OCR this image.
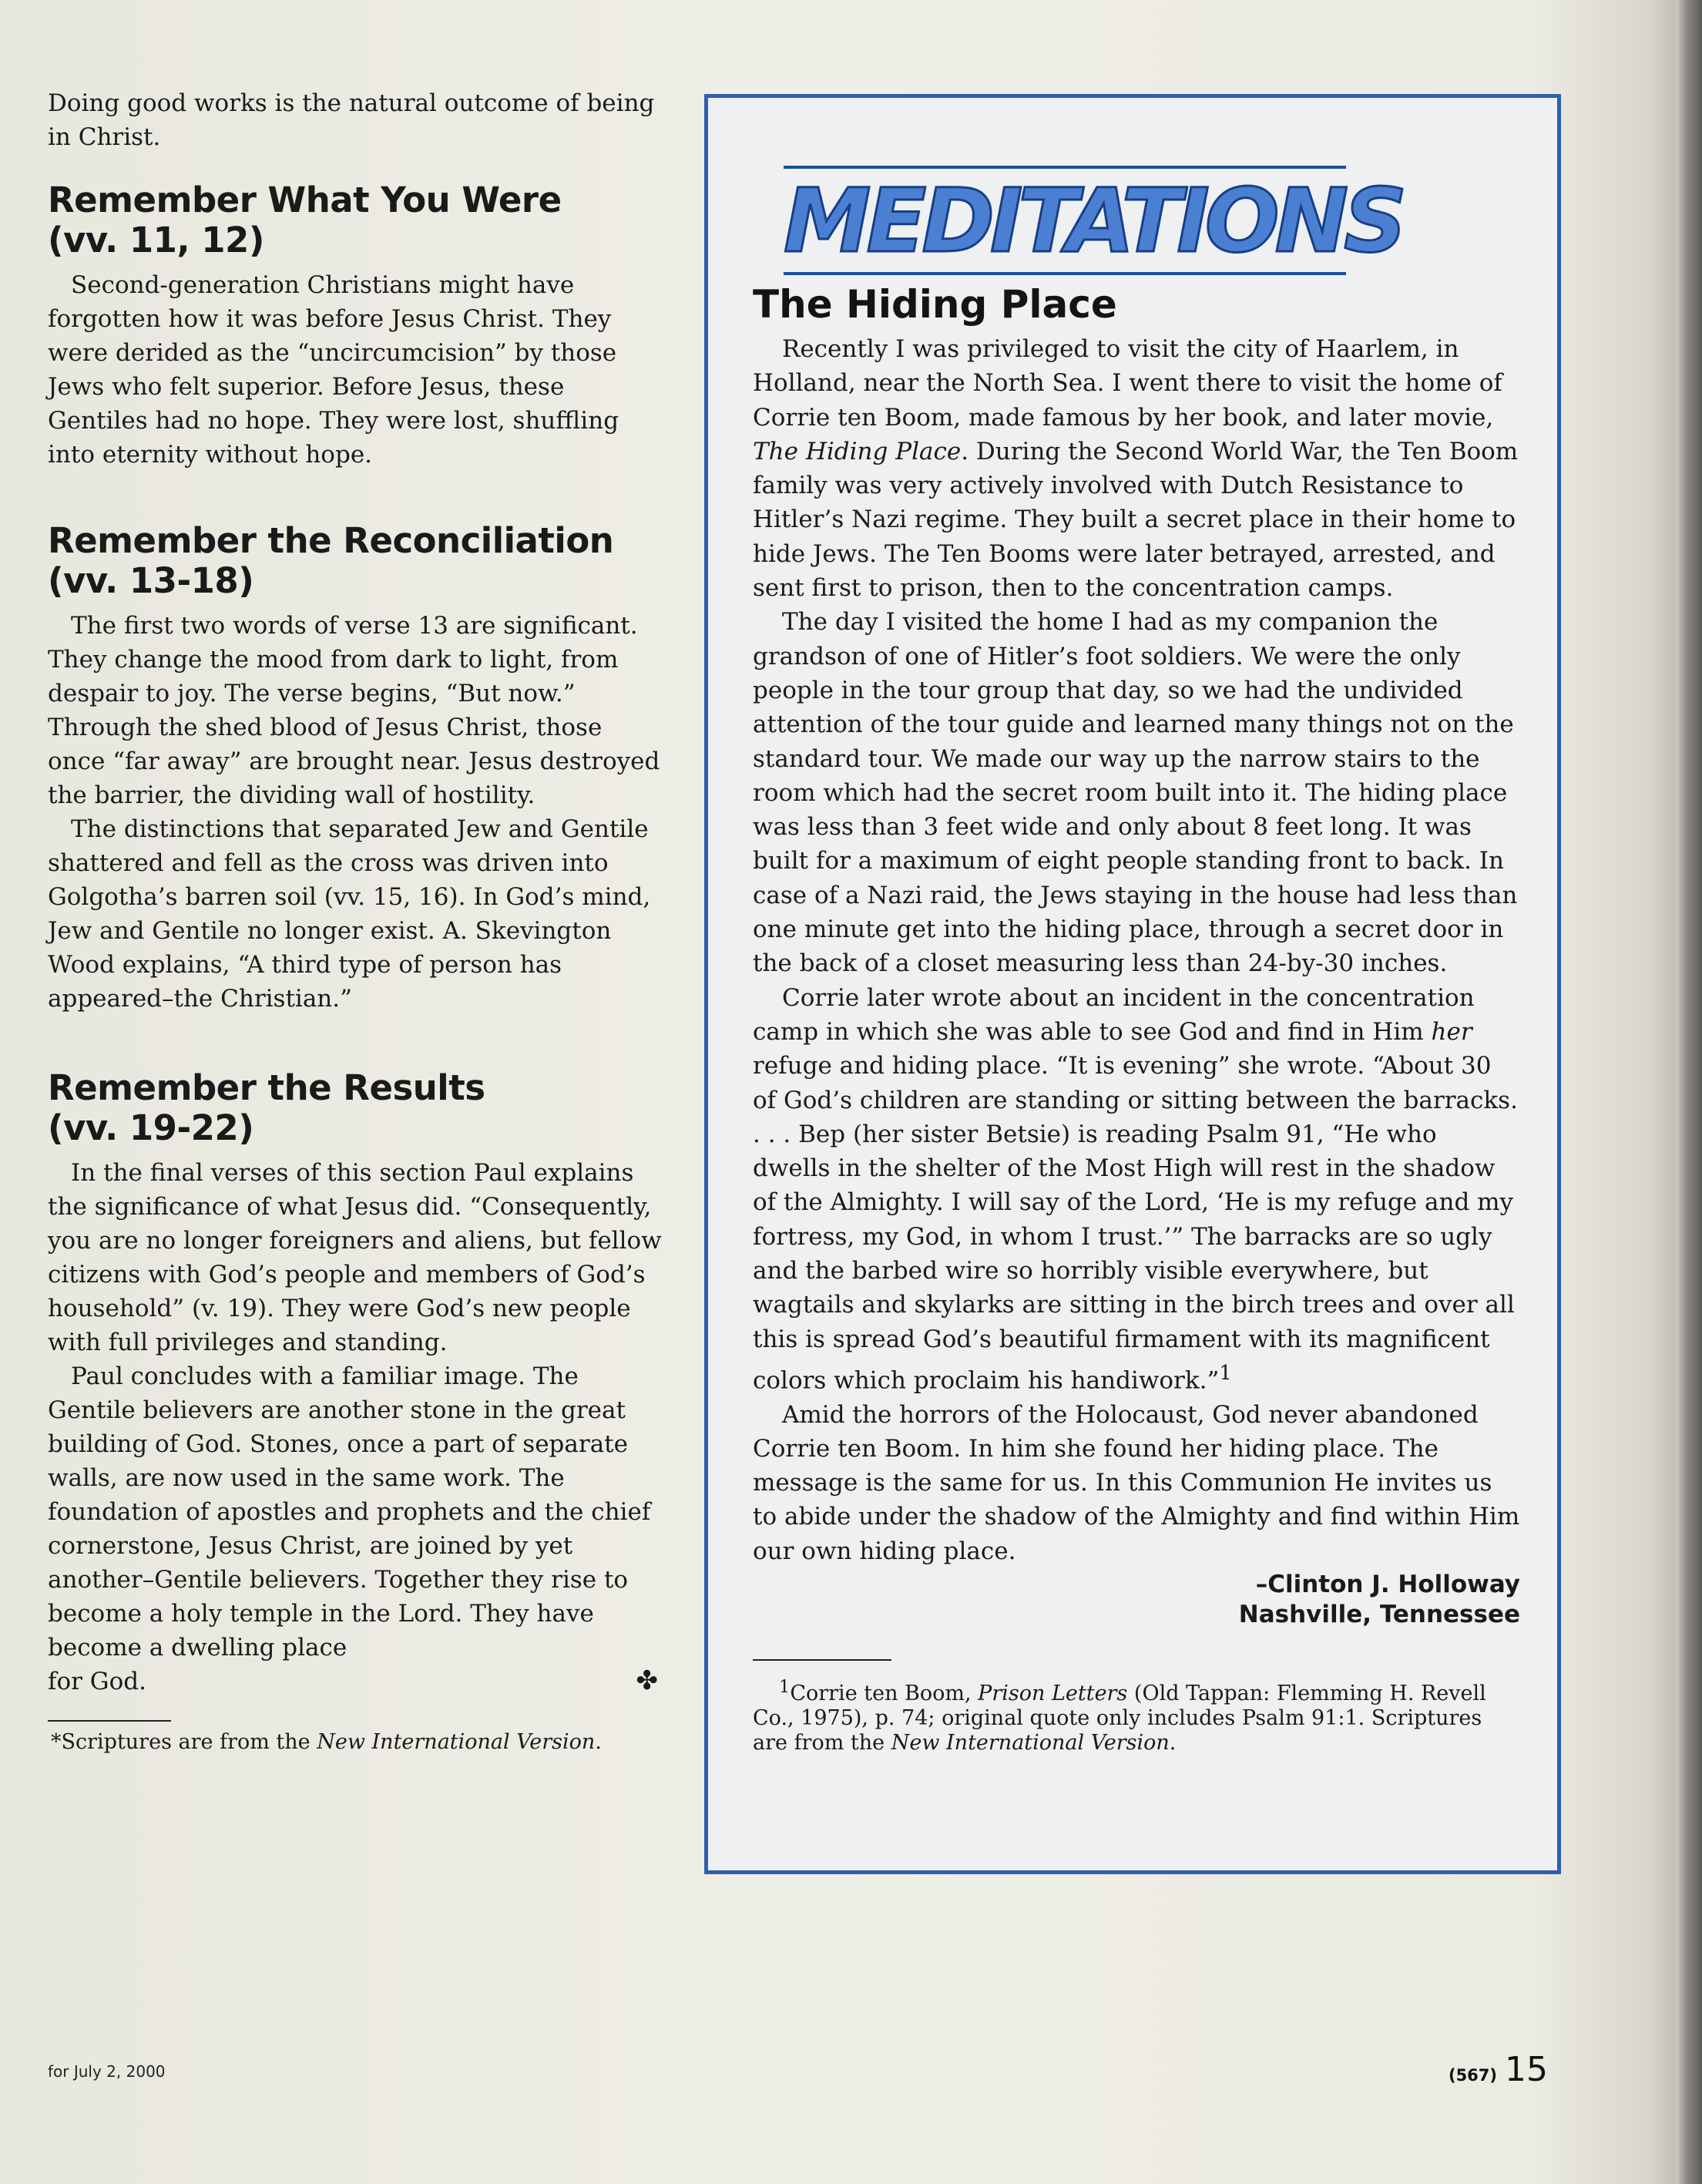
Doing good works is the natural outcome of being in Christ.

Remember What You Were
(vv. 11, 12)

Second-generation Christians might have forgotten how it was before Jesus Christ. They were derided as the “uncircumcision” by those Jews who felt superior. Before Jesus, these Gentiles had no hope. They were lost, shuffling into eternity without hope.

Remember the Reconciliation
(vv. 13-18)

The first two words of verse 13 are significant. They change the mood from dark to light, from despair to joy. The verse begins, “But now.” Through the shed blood of Jesus Christ, those once “far away” are brought near. Jesus destroyed the barrier, the dividing wall of hostility.

The distinctions that separated Jew and Gentile shattered and fell as the cross was driven into Golgotha’s barren soil (vv. 15, 16). In God’s mind, Jew and Gentile no longer exist. A. Skevington Wood explains, “A third type of person has appeared–the Christian.”

Remember the Results
(vv. 19-22)

In the final verses of this section Paul explains the significance of what Jesus did. “Consequently, you are no longer foreigners and aliens, but fellow citizens with God’s people and members of God’s household” (v. 19). They were God’s new people with full privileges and standing.

Paul concludes with a familiar image. The Gentile believers are another stone in the great building of God. Stones, once a part of separate walls, are now used in the same work. The foundation of apostles and prophets and the chief cornerstone, Jesus Christ, are joined by yet another–Gentile believers. Together they rise to become a holy temple in the Lord. They have become a dwelling place

for God.	✤

*Scriptures are from the New International Version.

MEDITATIONS
The Hiding Place

Recently I was privileged to visit the city of Haarlem, in Holland, near the North Sea. I went there to visit the home of Corrie ten Boom, made famous by her book, and later movie, The Hiding Place. During the Second World War, the Ten Boom family was very actively involved with Dutch Resistance to Hitler’s Nazi regime. They built a secret place in their home to hide Jews. The Ten Booms were later betrayed, arrested, and sent first to prison, then to the concentration camps.

The day I visited the home I had as my companion the grandson of one of Hitler’s foot soldiers. We were the only people in the tour group that day, so we had the undivided attention of the tour guide and learned many things not on the standard tour. We made our way up the narrow stairs to the room which had the secret room built into it. The hiding place was less than 3 feet wide and only about 8 feet long. It was built for a maximum of eight people standing front to back. In case of a Nazi raid, the Jews staying in the house had less than one minute get into the hiding place, through a secret door in the back of a closet measuring less than 24-by-30 inches.

Corrie later wrote about an incident in the concentration camp in which she was able to see God and find in Him her refuge and hiding place. “It is evening” she wrote. “About 30 of God’s children are standing or sitting between the barracks. . . . Bep (her sister Betsie) is reading Psalm 91, “He who dwells in the shelter of the Most High will rest in the shadow of the Almighty. I will say of the Lord, ‘He is my refuge and my fortress, my God, in whom I trust.’” The barracks are so ugly and the barbed wire so horribly visible everywhere, but wagtails and skylarks are sitting in the birch trees and over all this is spread God’s beautiful firmament with its magnificent colors which proclaim his handiwork.”$^1$

Amid the horrors of the Holocaust, God never abandoned Corrie ten Boom. In him she found her hiding place. The message is the same for us. In this Communion He invites us to abide under the shadow of the Almighty and find within Him our own hiding place.

–Clinton J. Holloway
Nashville, Tennessee

$^1$Corrie ten Boom, Prison Letters (Old Tappan: Flemming H. Revell Co., 1975), p. 74; original quote only includes Psalm 91:1. Scriptures are from the New International Version.

for July 2, 2000	(567) 15
